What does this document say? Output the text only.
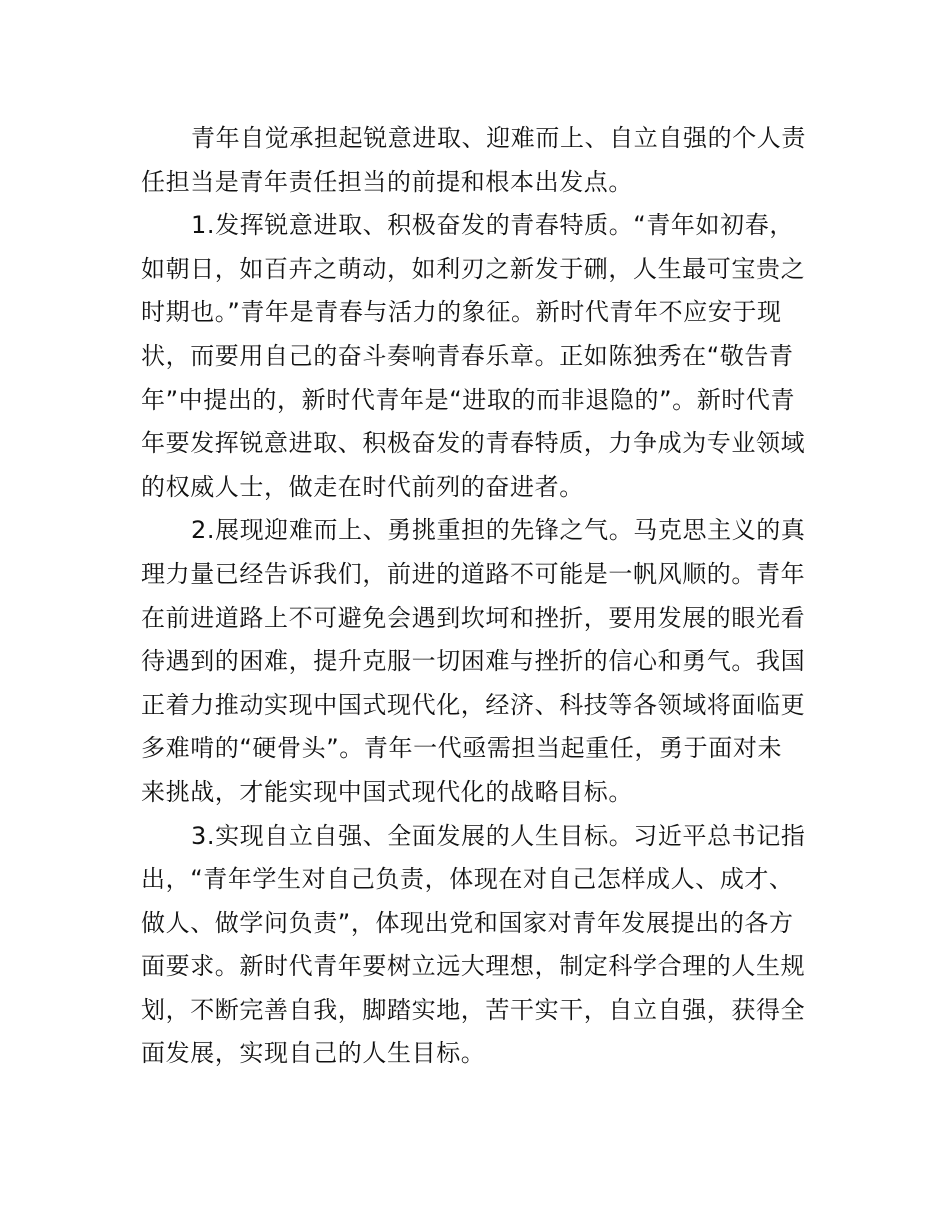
青年自觉承担起锐意进取、迎难而上、自立自强的个人责
任担当是青年责任担当的前提和根本出发点。
1.发挥锐意进取、积极奋发的青春特质。“青年如初春，
如朝日，如百卉之萌动，如利刃之新发于硎，人生最可宝贵之
时期也。”青年是青春与活力的象征。新时代青年不应安于现
状，而要用自己的奋斗奏响青春乐章。正如陈独秀在“敬告青
年”中提出的，新时代青年是“进取的而非退隐的”。新时代青
年要发挥锐意进取、积极奋发的青春特质，力争成为专业领域
的权威人士，做走在时代前列的奋进者。
2.展现迎难而上、勇挑重担的先锋之气。马克思主义的真
理力量已经告诉我们，前进的道路不可能是一帆风顺的。青年
在前进道路上不可避免会遇到坎坷和挫折，要用发展的眼光看
待遇到的困难，提升克服一切困难与挫折的信心和勇气。我国
正着力推动实现中国式现代化，经济、科技等各领域将面临更
多难啃的“硬骨头”。青年一代亟需担当起重任，勇于面对未
来挑战，才能实现中国式现代化的战略目标。
3.实现自立自强、全面发展的人生目标。习近平总书记指
出，“青年学生对自己负责，体现在对自己怎样成人、成才、
做人、做学问负责”，体现出党和国家对青年发展提出的各方
面要求。新时代青年要树立远大理想，制定科学合理的人生规
划，不断完善自我，脚踏实地，苦干实干，自立自强，获得全
面发展，实现自己的人生目标。
